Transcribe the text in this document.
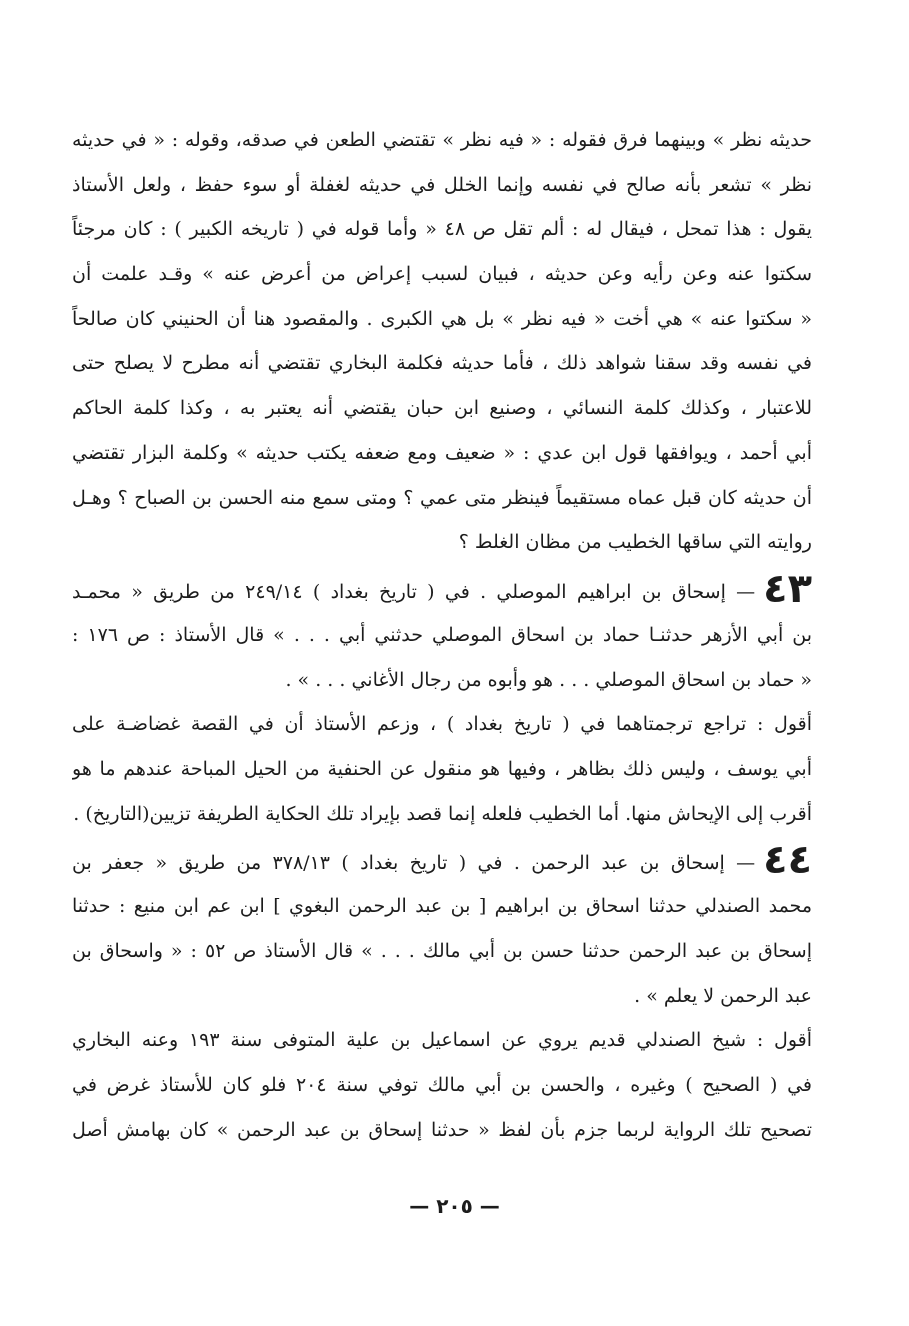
حديثه نظر » وبينهما فرق فقوله : « فيه نظر » تقتضي الطعن في صدقه، وقوله : « في حديثه
نظر » تشعر بأنه صالح في نفسه وإنما الخلل في حديثه لغفلة أو سوء حفظ ، ولعل الأستاذ
يقول : هذا تمحل ، فيقال له : ألم تقل ص ٤٨ « وأما قوله في ( تاريخه الكبير ) : كان مرجئاً
سكتوا عنه وعن رأيه وعن حديثه ، فبيان لسبب إعراض من أعرض عنه » وقـد علمت أن
« سكتوا عنه » هي أخت « فيه نظر » بل هي الكبرى . والمقصود هنا أن الحنيني كان صالحاً
في نفسه وقد سقنا شواهد ذلك ، فأما حديثه فكلمة البخاري تقتضي أنه مطرح لا يصلح حتى
للاعتبار ، وكذلك كلمة النسائي ، وصنيع ابن حبان يقتضي أنه يعتبر به ، وكذا كلمة الحاكم
أبي أحمد ، ويوافقها قول ابن عدي : « ضعيف ومع ضعفه يكتب حديثه » وكلمة البزار تقتضي
أن حديثه كان قبل عماه مستقيماً فينظر متى عمي ؟ ومتى سمع منه الحسن بن الصباح ؟ وهـل
روايته التي ساقها الخطيب من مظان الغلط ؟
٤٣— إسحاق بن ابراهيم الموصلي . في ( تاريخ بغداد ) ٢٤٩/١٤ من طريق « محمـد
بن أبي الأزهر حدثنـا حماد بن اسحاق الموصلي حدثني أبي . . . » قال الأستاذ : ص ١٧٦ :
« حماد بن اسحاق الموصلي . . . هو وأبوه من رجال الأغاني . . . » .
أقول : تراجع ترجمتاهما في ( تاريخ بغداد ) ، وزعم الأستاذ أن في القصة غضاضـة على
أبي يوسف ، وليس ذلك بظاهر ، وفيها هو منقول عن الحنفية من الحيل المباحة عندهم ما هو
أقرب إلى الإيحاش منها. أما الخطيب فلعله إنما قصد بإيراد تلك الحكاية الطريفة تزيين(التاريخ) .
٤٤— إسحاق بن عبد الرحمن . في ( تاريخ بغداد ) ٣٧٨/١٣ من طريق « جعفر بن
محمد الصندلي حدثنا اسحاق بن ابراهيم [ بن عبد الرحمن البغوي ] ابن عم ابن منيع : حدثنا
إسحاق بن عبد الرحمن حدثنا حسن بن أبي مالك . . . » قال الأستاذ ص ٥٢ : « واسحاق بن
عبد الرحمن لا يعلم » .
أقول : شيخ الصندلي قديم يروي عن اسماعيل بن علية المتوفى سنة ١٩٣ وعنه البخاري
في ( الصحيح ) وغيره ، والحسن بن أبي مالك توفي سنة ٢٠٤ فلو كان للأستاذ غرض في
تصحيح تلك الرواية لربما جزم بأن لفظ « حدثنا إسحاق بن عبد الرحمن » كان بهامش أصل
— ٢٠٥ —
